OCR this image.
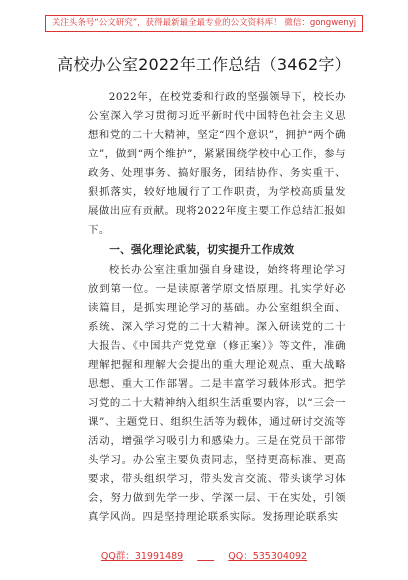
关注头条号“公文研究”，获得最新最全最专业的公文资料库！ 微信：gongwenyj
高校办公室2022年工作总结（3462字）

2022年，在校党委和行政的坚强领导下，校长办公室深入学习贯彻习近平新时代中国特色社会主义思想和党的二十大精神，坚定“四个意识”，拥护“两个确立”，做到“两个维护”，紧紧围绕学校中心工作，参与政务、处理事务、搞好服务，团结协作、务实重干、狠抓落实，较好地履行了工作职责，为学校高质量发展做出应有贡献。现将2022年度主要工作总结汇报如下。

一、强化理论武装，切实提升工作成效

校长办公室注重加强自身建设，始终将理论学习放到第一位。一是读原著学原文悟原理。扎实学好必读篇目，是抓实理论学习的基础。办公室组织全面、系统、深入学习党的二十大精神。深入研读党的二十大报告、《中国共产党党章（修正案）》等文件，准确理解把握和理解大会提出的重大理论观点、重大战略思想、重大工作部署。二是丰富学习载体形式。把学习党的二十大精神纳入组织生活重要内容，以“三会一课”、主题党日、组织生活等为载体，通过研讨交流等活动，增强学习吸引力和感染力。三是在党员干部带头学习。办公室主要负责同志，坚持更高标准、更高要求，带头组织学习，带头发言交流、带头谈学习体会，努力做到先学一步、学深一层、干在实处，引领真学风尚。四是坚持理论联系实际。发扬理论联系实

QQ群：31991489	QQ：535304092
